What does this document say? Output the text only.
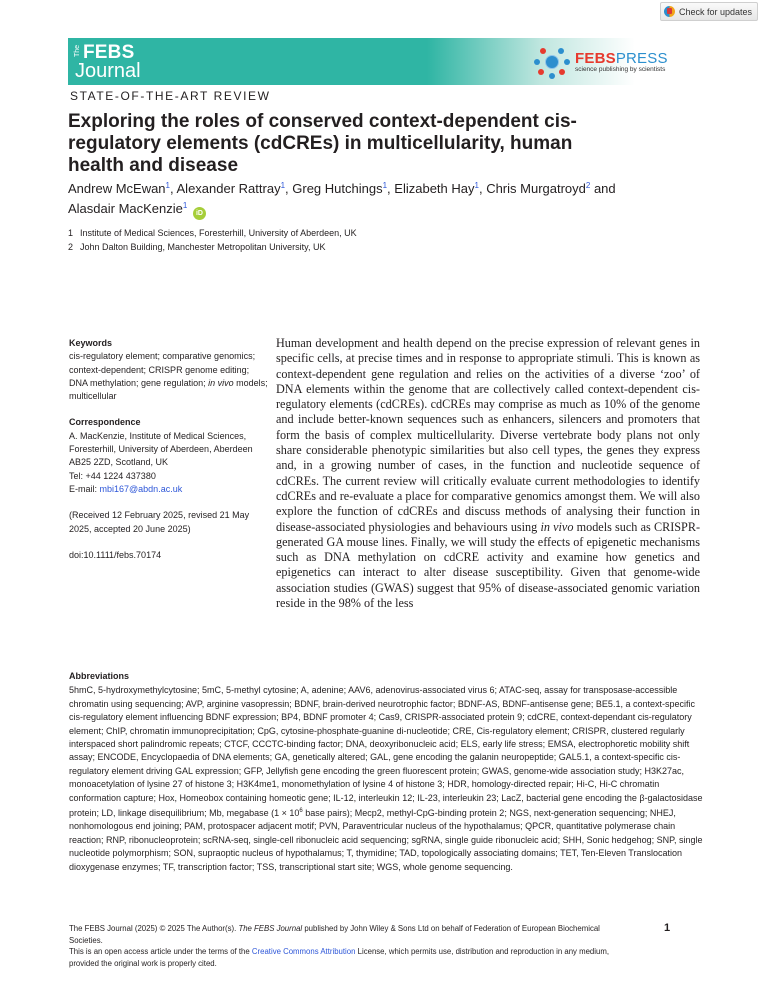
Check for updates
The FEBS
Journal
FEBSPRESS
science publishing by scientists
STATE-OF-THE-ART REVIEW
Exploring the roles of conserved context-dependent cis-regulatory elements (cdCREs) in multicellularity, human health and disease
Andrew McEwan$^1$, Alexander Rattray$^1$, Greg Hutchings$^1$, Elizabeth Hay$^1$, Chris Murgatroyd$^2$ and
Alasdair MacKenzie$^1$ iD
1 Institute of Medical Sciences, Foresterhill, University of Aberdeen, UK
2 John Dalton Building, Manchester Metropolitan University, UK
Keywords
cis-regulatory element; comparative genomics; context-dependent; CRISPR genome editing; DNA methylation; gene regulation; in vivo models; multicellular
Correspondence
A. MacKenzie, Institute of Medical Sciences, Foresterhill, University of Aberdeen, Aberdeen AB25 2ZD, Scotland, UK
Tel: +44 1224 437380
E-mail: mbi167@abdn.ac.uk
(Received 12 February 2025, revised 21 May 2025, accepted 20 June 2025)
doi:10.1111/febs.70174
Human development and health depend on the precise expression of relevant genes in specific cells, at precise times and in response to appropriate stimuli. This is known as context-dependent gene regulation and relies on the activities of a diverse ‘zoo’ of DNA elements within the genome that are collectively called context-dependent cis-regulatory elements (cdCREs). cdCREs may comprise as much as 10% of the genome and include better-known sequences such as enhancers, silencers and promoters that form the basis of complex multicellularity. Diverse vertebrate body plans not only share considerable phenotypic similarities but also cell types, the genes they express and, in a growing number of cases, in the function and nucleotide sequence of cdCREs. The current review will critically evaluate current methodologies to identify cdCREs and re-evaluate a place for comparative genomics amongst them. We will also explore the function of cdCREs and discuss methods of analysing their function in disease-associated physiologies and behaviours using in vivo models such as CRISPR-generated GA mouse lines. Finally, we will study the effects of epigenetic mechanisms such as DNA methylation on cdCRE activity and examine how genetics and epigenetics can interact to alter disease susceptibility. Given that genome-wide association studies (GWAS) suggest that 95% of disease-associated genomic variation reside in the 98% of the less
Abbreviations
5hmC, 5-hydroxymethylcytosine; 5mC, 5-methyl cytosine; A, adenine; AAV6, adenovirus-associated virus 6; ATAC-seq, assay for transposase-accessible chromatin using sequencing; AVP, arginine vasopressin; BDNF, brain-derived neurotrophic factor; BDNF-AS, BDNF-antisense gene; BE5.1, a context-specific cis-regulatory element influencing BDNF expression; BP4, BDNF promoter 4; Cas9, CRISPR-associated protein 9; cdCRE, context-dependant cis-regulatory element; ChIP, chromatin immunoprecipitation; CpG, cytosine-phosphate-guanine di-nucleotide; CRE, Cis-regulatory element; CRISPR, clustered regularly interspaced short palindromic repeats; CTCF, CCCTC-binding factor; DNA, deoxyribonucleic acid; ELS, early life stress; EMSA, electrophoretic mobility shift assay; ENCODE, Encyclopaedia of DNA elements; GA, genetically altered; GAL, gene encoding the galanin neuropeptide; GAL5.1, a context-specific cis-regulatory element driving GAL expression; GFP, Jellyfish gene encoding the green fluorescent protein; GWAS, genome-wide association study; H3K27ac, monoacetylation of lysine 27 of histone 3; H3K4me1, monomethylation of lysine 4 of histone 3; HDR, homology-directed repair; Hi-C, Hi-C chromatin conformation capture; Hox, Homeobox containing homeotic gene; IL-12, interleukin 12; IL-23, interleukin 23; LacZ, bacterial gene encoding the β-galactosidase protein; LD, linkage disequilibrium; Mb, megabase ($1 \times 10^6$ base pairs); Mecp2, methyl-CpG-binding protein 2; NGS, next-generation sequencing; NHEJ, nonhomologous end joining; PAM, protospacer adjacent motif; PVN, Paraventricular nucleus of the hypothalamus; QPCR, quantitative polymerase chain reaction; RNP, ribonucleoprotein; scRNA-seq, single-cell ribonucleic acid sequencing; sgRNA, single guide ribonucleic acid; SHH, Sonic hedgehog; SNP, single nucleotide polymorphism; SON, supraoptic nucleus of hypothalamus; T, thymidine; TAD, topologically associating domains; TET, Ten-Eleven Translocation dioxygenase enzymes; TF, transcription factor; TSS, transcriptional start site; WGS, whole genome sequencing.
The FEBS Journal (2025) © 2025 The Author(s). The FEBS Journal published by John Wiley & Sons Ltd on behalf of Federation of European Biochemical Societies.
This is an open access article under the terms of the Creative Commons Attribution License, which permits use, distribution and reproduction in any medium, provided the original work is properly cited.
1
